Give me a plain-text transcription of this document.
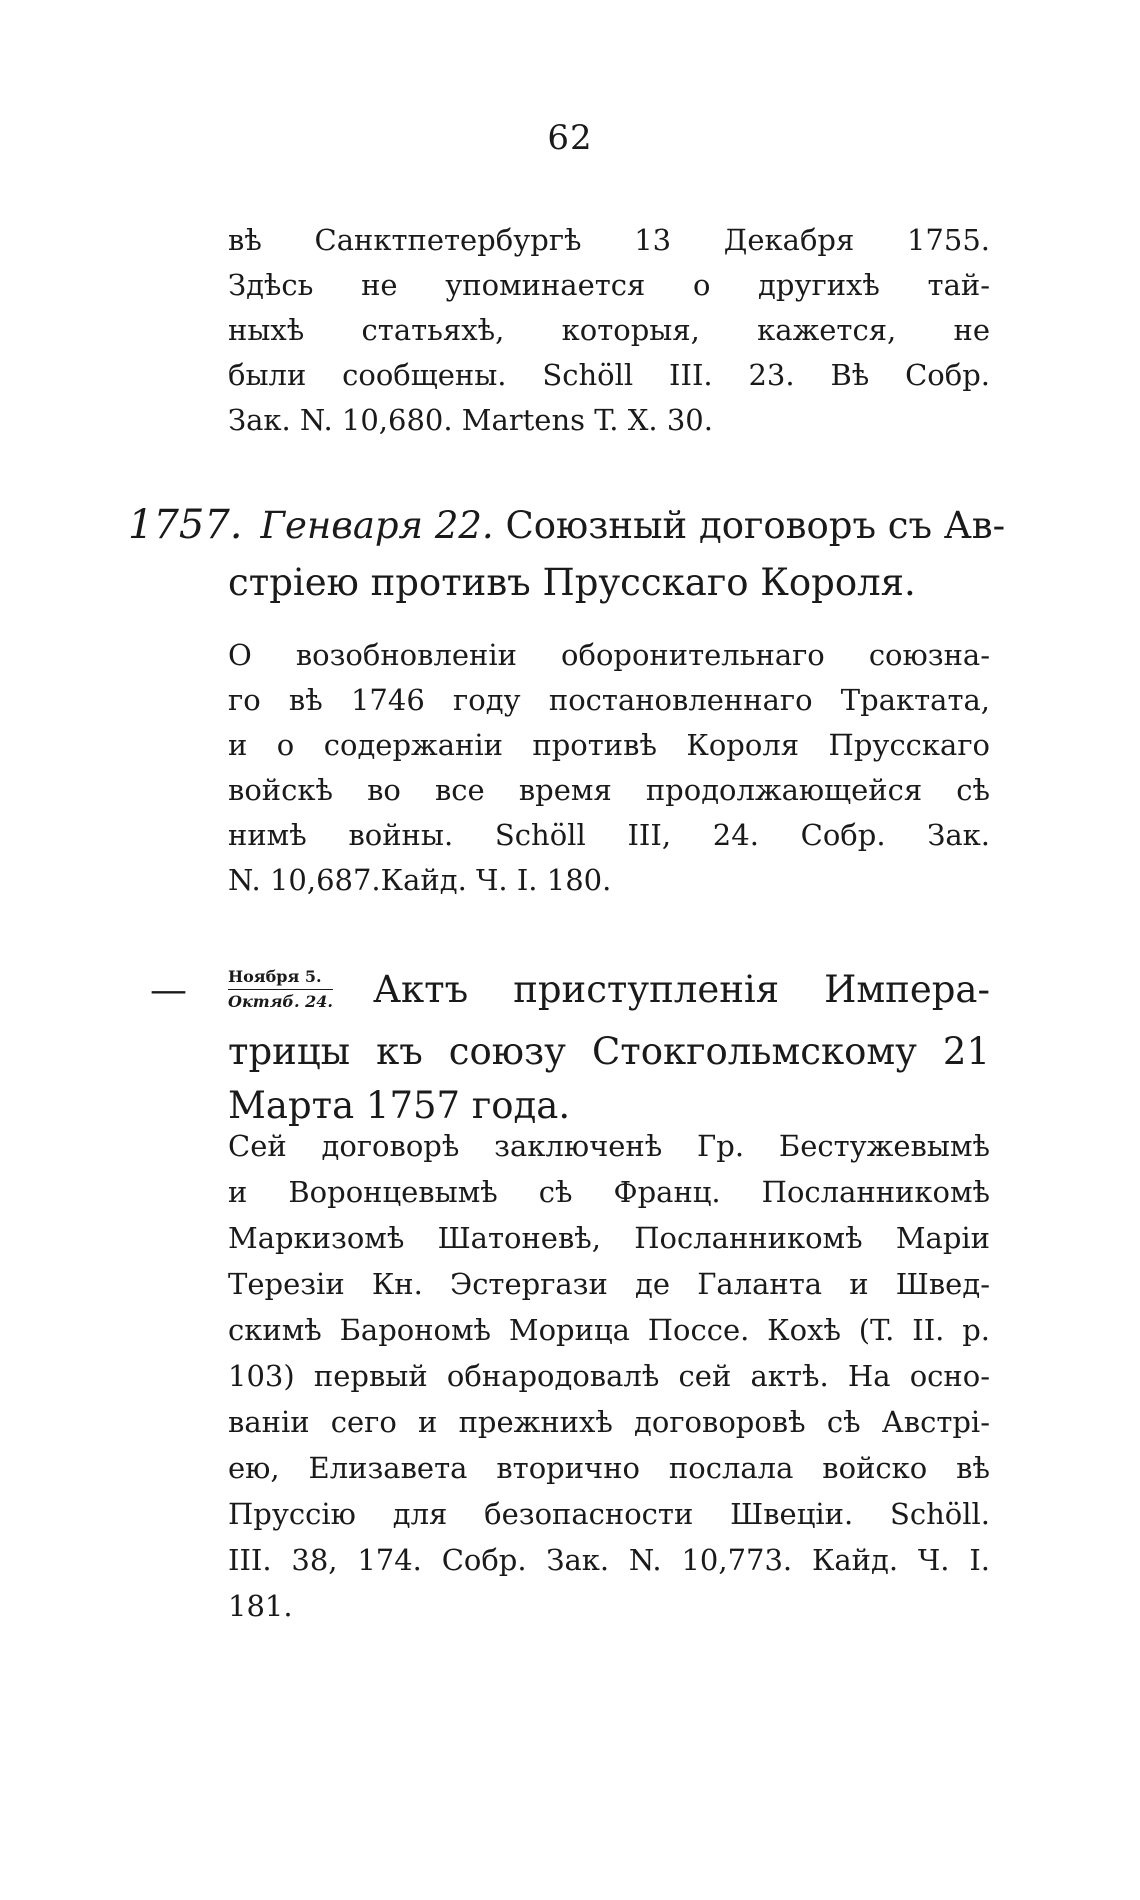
62
вѣ Санктпетербургѣ 13 Декабря 1755.
Здѣсь не упоминается о другихѣ тай-
ныхѣ статьяхѣ, которыя, кажется, не
были сообщены. Schöll III. 23. Вѣ Собр.
Зак. N. 10,680. Martens T. X. 30.
1757. Генваря 22. Союзный договоръ съ Ав-
стріею противъ Прусскаго Короля.
О возобновленіи оборонительнаго союзна-
го вѣ 1746 году постановленнаго Трактата,
и о содержаніи противѣ Короля Прусскаго
войскѣ во все время продолжающейся сѣ
нимѣ войны. Schöll III, 24. Собр. Зак.
N. 10,687.Кайд. Ч. I. 180.
—	Ноября 5.
Октяб. 24. Актъ приступленія Импера-
трицы къ союзу Стокгольмскому 21
Марта 1757 года.
Сей договорѣ заключенѣ Гр. Бестужевымѣ
и Воронцевымѣ сѣ Франц. Посланникомѣ
Маркизомѣ Шатоневѣ, Посланникомѣ Маріи
Терезіи Кн. Эстергази де Галанта и Швед-
скимѣ Барономѣ Морица Поссе. Кохѣ (T. II. p.
103) первый обнародовалѣ сей актѣ. На осно-
ваніи сего и прежнихѣ договоровѣ сѣ Австрі-
ею, Елизавета вторично послала войско вѣ
Пруссію для безопасности Швеціи. Schöll.
III. 38, 174. Собр. Зак. N. 10,773. Кайд. Ч. I.
181.
